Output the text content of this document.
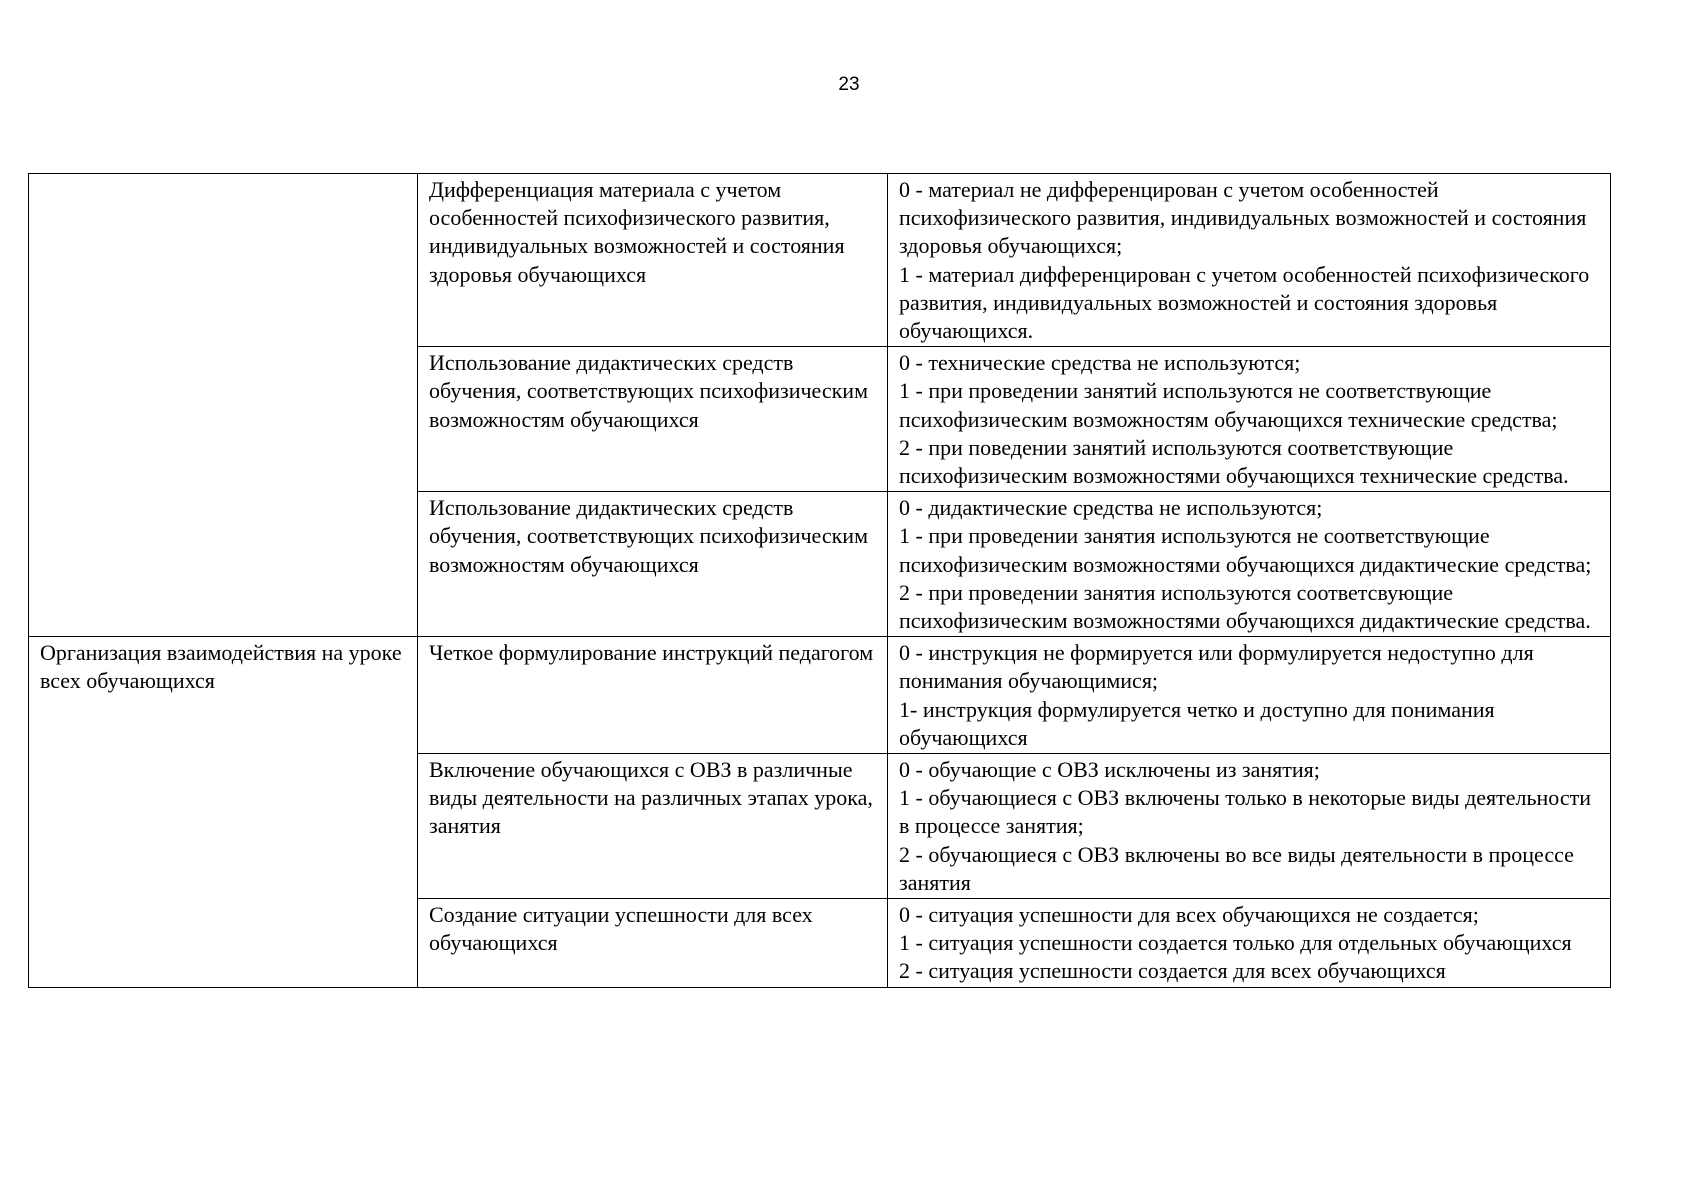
23
	Дифференциация материала с учетом особенностей психофизического развития, индивидуальных возможностей и состояния здоровья обучающихся	0 - материал не дифференцирован с учетом особенностей психофизического развития, индивидуальных возможностей и состояния здоровья обучающихся;
1 - материал дифференцирован с учетом особенностей психофизического развития, индивидуальных возможностей и состояния здоровья обучающихся.

	Использование дидактических средств обучения, соответствующих психофизическим возможностям обучающихся	0 - технические средства не используются;
1 - при проведении занятий используются не соответствующие психофизическим возможностям обучающихся технические средства;
2 - при поведении занятий используются соответствующие психофизическим возможностями обучающихся технические средства.

	Использование дидактических средств обучения, соответствующих психофизическим возможностям обучающихся	0 - дидактические средства не используются;
1 - при проведении занятия используются не соответствующие психофизическим возможностями обучающихся дидактические средства;
2 - при проведении занятия используются соответсвующие психофизическим возможностями обучающихся дидактические средства.

Организация взаимодействия на уроке всех обучающихся	Четкое формулирование инструкций педагогом	0 - инструкция не формируется или формулируется недоступно для понимания обучающимися;
1- инструкция формулируется четко и доступно для понимания обучающихся

	Включение обучающихся с ОВЗ в различные виды деятельности на различных этапах урока, занятия	0 - обучающие с ОВЗ исключены из занятия;
1 - обучающиеся с ОВЗ включены только в некоторые виды деятельности в процессе занятия;
2 - обучающиеся с ОВЗ включены во все виды деятельности в процессе занятия

	Создание ситуации успешности для всех обучающихся	0 - ситуация успешности для всех обучающихся не создается;
1 - ситуация успешности создается только для отдельных обучающихся
2 - ситуация успешности создается для всех обучающихся
